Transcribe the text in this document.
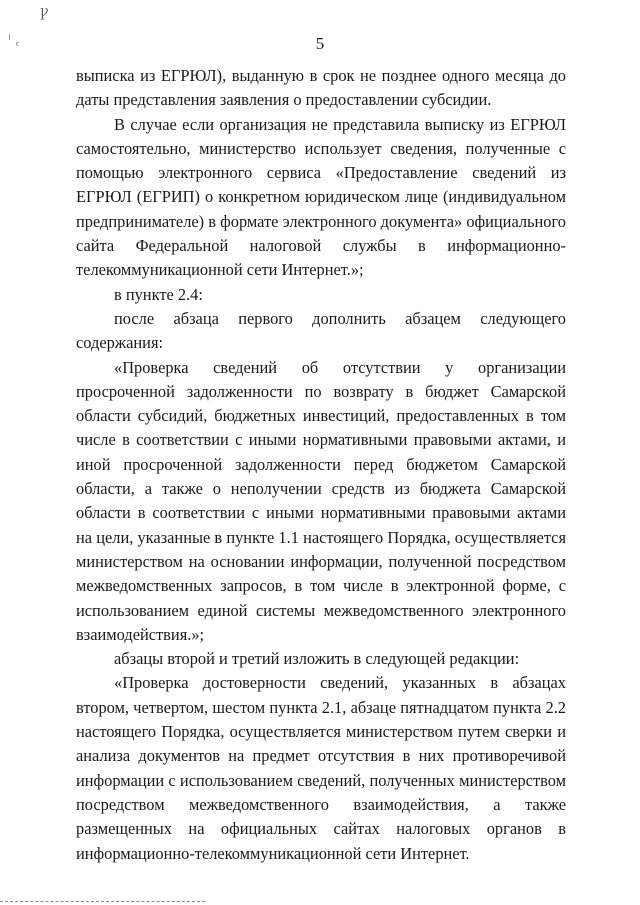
5
Ꝩ
ᵋ

выписка из ЕГРЮЛ), выданную в срок не позднее одного месяца до даты представления заявления о предоставлении субсидии.

В случае если организация не представила выписку из ЕГРЮЛ самостоятельно, министерство использует сведения, полученные с помощью электронного сервиса «Предоставление сведений из ЕГРЮЛ (ЕГРИП) о конкретном юридическом лице (индивидуальном предпринимателе) в формате электронного документа» официального сайта Федеральной налоговой службы в информационно-телекоммуникационной сети Интернет.»;

в пункте 2.4:

после абзаца первого дополнить абзацем следующего содержания:

«Проверка сведений об отсутствии у организации просроченной задолженности по возврату в бюджет Самарской области субсидий, бюджетных инвестиций, предоставленных в том числе в соответствии с иными нормативными правовыми актами, и иной просроченной задолженности перед бюджетом Самарской области, а также о неполучении средств из бюджета Самарской области в соответствии с иными нормативными правовыми актами на цели, указанные в пункте 1.1 настоящего Порядка, осуществляется министерством на основании информации, полученной посредством межведомственных запросов, в том числе в электронной форме, с использованием единой системы межведомственного электронного взаимодействия.»;

абзацы второй и третий изложить в следующей редакции:

«Проверка достоверности сведений, указанных в абзацах втором, четвертом, шестом пункта 2.1, абзаце пятнадцатом пункта 2.2 настоящего Порядка, осуществляется министерством путем сверки и анализа документов на предмет отсутствия в них противоречивой информации с использованием сведений, полученных министерством посредством межведомственного взаимодействия, а также размещенных на официальных сайтах налоговых органов в информационно-телекоммуникационной сети Интернет.
